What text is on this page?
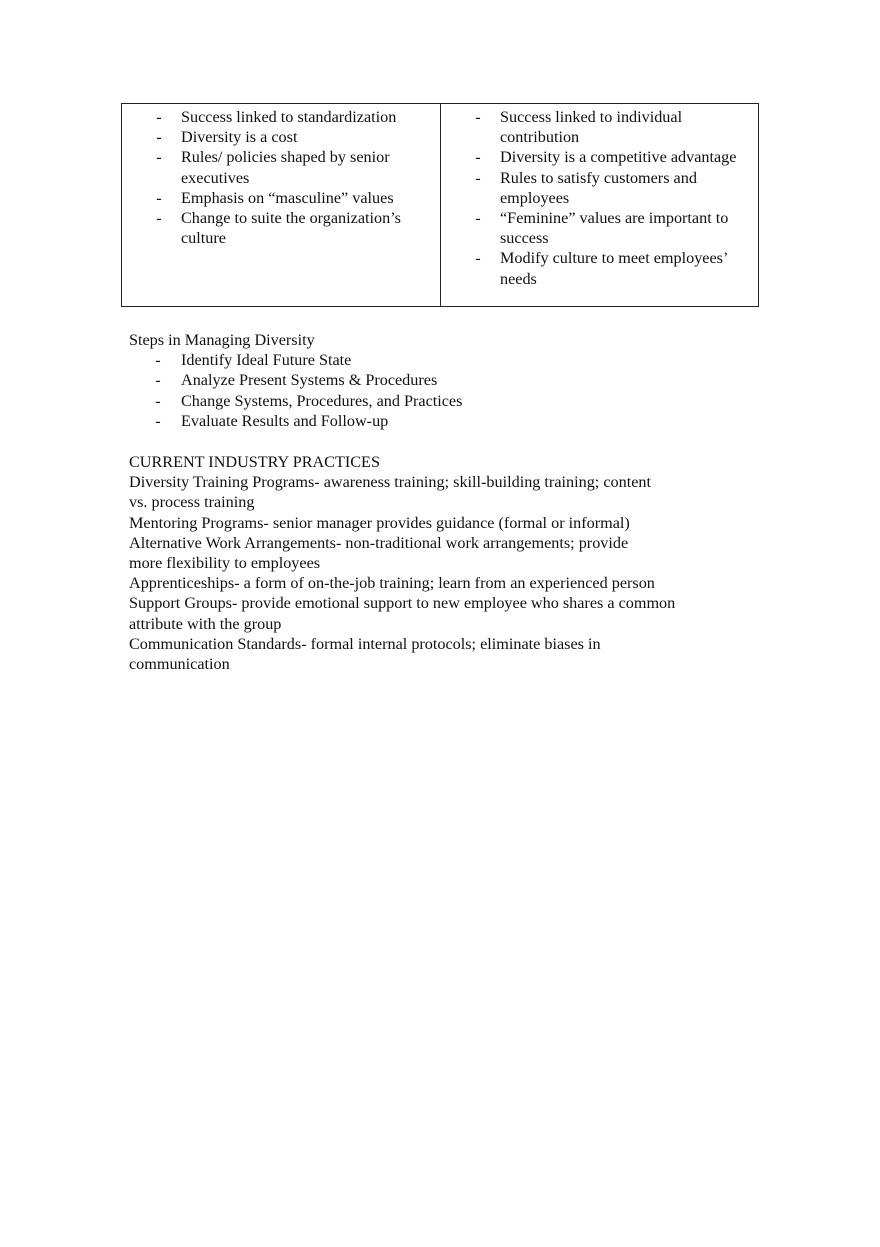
- Success linked to standardization
- Diversity is a cost
- Rules/ policies shaped by senior executives
- Emphasis on “masculine” values
- Change to suite the organization’s culture
- Success linked to individual contribution
- Diversity is a competitive advantage
- Rules to satisfy customers and employees
- “Feminine” values are important to success
- Modify culture to meet employees’ needs

Steps in Managing Diversity

- Identify Ideal Future State
- Analyze Present Systems & Procedures
- Change Systems, Procedures, and Practices
- Evaluate Results and Follow-up

CURRENT INDUSTRY PRACTICES

Diversity Training Programs- awareness training; skill-building training; content

vs. process training

Mentoring Programs- senior manager provides guidance (formal or informal)

Alternative Work Arrangements- non-traditional work arrangements; provide

more flexibility to employees

Apprenticeships- a form of on-the-job training; learn from an experienced person

Support Groups- provide emotional support to new employee who shares a common

attribute with the group

Communication Standards- formal internal protocols; eliminate biases in

communication
